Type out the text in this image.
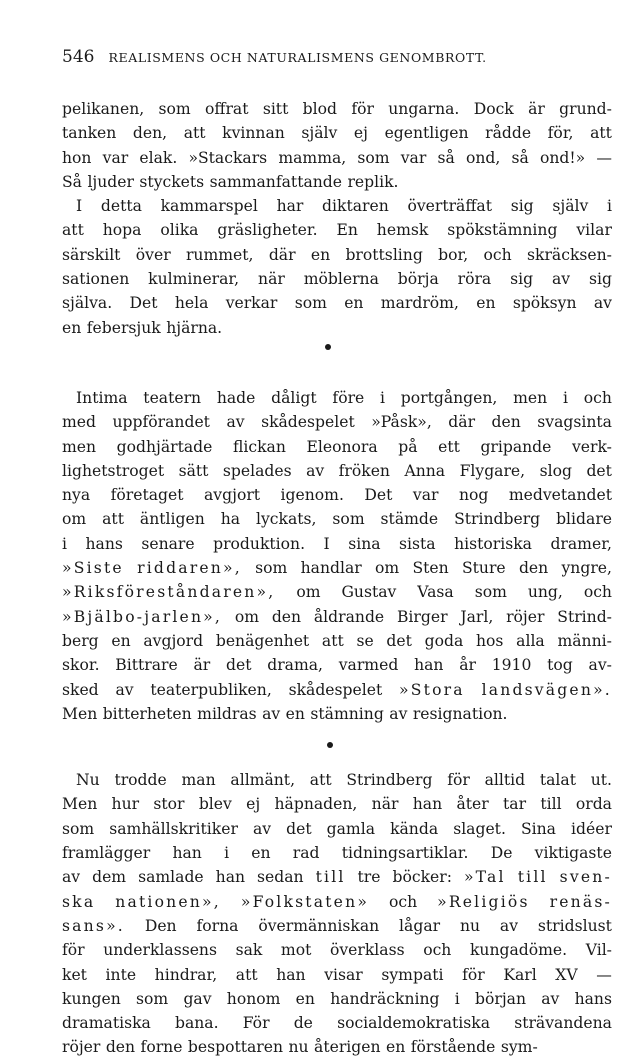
546 REALISMENS OCH NATURALISMENS GENOMBROTT.
pelikanen, som offrat sitt blod för ungarna. Dock är grund-
tanken den, att kvinnan själv ej egentligen rådde för, att
hon var elak. »Stackars mamma, som var så ond, så ond!» —
Så ljuder styckets sammanfattande replik.
I detta kammarspel har diktaren överträffat sig själv i
att hopa olika gräsligheter. En hemsk spökstämning vilar
särskilt över rummet, där en brottsling bor, och skräcksen-
sationen kulminerar, när möblerna börja röra sig av sig
själva. Det hela verkar som en mardröm, en spöksyn av
en febersjuk hjärna.
Intima teatern hade dåligt före i portgången, men i och
med uppförandet av skådespelet »Påsk», där den svagsinta
men godhjärtade flickan Eleonora på ett gripande verk-
lighetstroget sätt spelades av fröken Anna Flygare, slog det
nya företaget avgjort igenom. Det var nog medvetandet
om att äntligen ha lyckats, som stämde Strindberg blidare
i hans senare produktion. I sina sista historiska dramer,
»Siste riddaren», som handlar om Sten Sture den yngre,
»Riksföreståndaren», om Gustav Vasa som ung, och
»Bjälbo-jarlen», om den åldrande Birger Jarl, röjer Strind-
berg en avgjord benägenhet att se det goda hos alla männi-
skor. Bittrare är det drama, varmed han år 1910 tog av-
sked av teaterpubliken, skådespelet »Stora landsvägen».
Men bitterheten mildras av en stämning av resignation.
Nu trodde man allmänt, att Strindberg för alltid talat ut.
Men hur stor blev ej häpnaden, när han åter tar till orda
som samhällskritiker av det gamla kända slaget. Sina idéer
framlägger han i en rad tidningsartiklar. De viktigaste
av dem samlade han sedan till tre böcker: »Tal till sven-
ska nationen», »Folkstaten» och »Religiös renäs-
sans». Den forna övermänniskan lågar nu av stridslust
för underklassens sak mot överklass och kungadöme. Vil-
ket inte hindrar, att han visar sympati för Karl XV —
kungen som gav honom en handräckning i början av hans
dramatiska bana. För de socialdemokratiska strävandena
röjer den forne bespottaren nu återigen en förstående sym-
